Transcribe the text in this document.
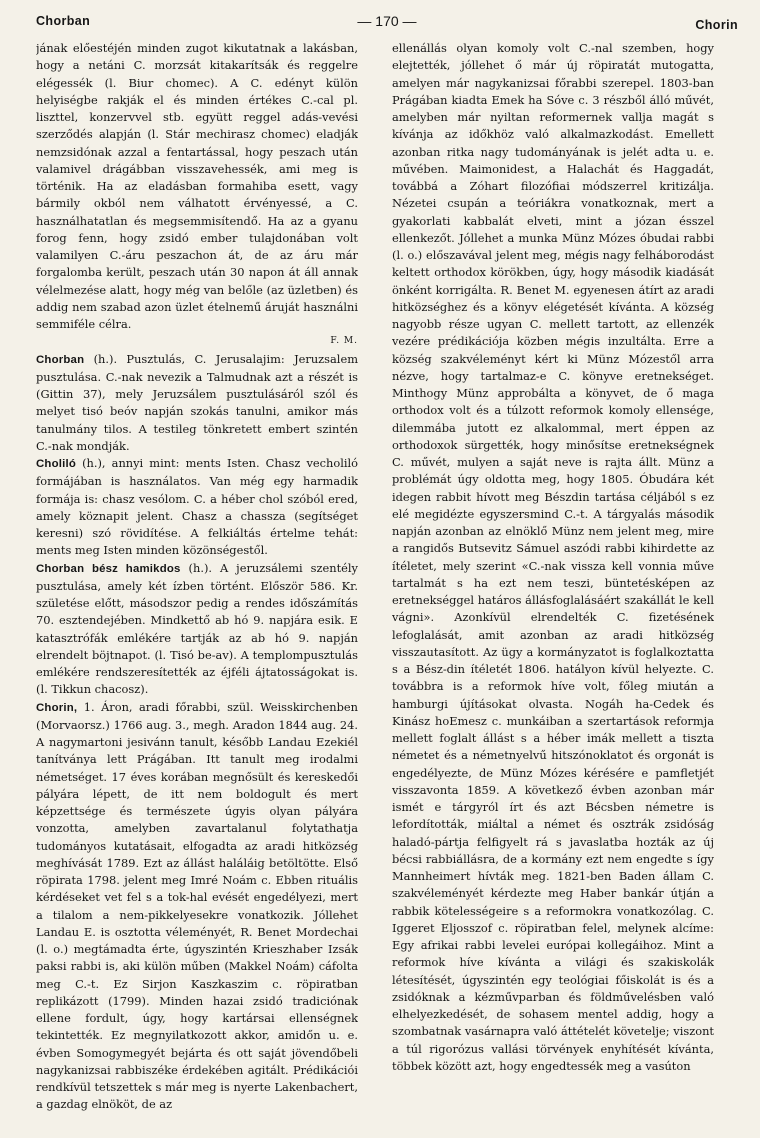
Chorban	— 170 —	Chorin

jának előestéjén minden zugot kikutatnak a lakásban, hogy a netáni C. morzsát kitakarítsák és reggelre elégessék (l. Biur chomec). A C. edényt külön helyiségbe rakják el és minden értékes C.-cal pl. liszttel, konzervvel stb. együtt reggel adás-vevési szerződés alapján (l. Stár mechirasz chomec) eladják nemzsidónak azzal a fentartással, hogy peszach után valamivel drágábban visszavehessék, ami meg is történik. Ha az eladásban formahiba esett, vagy bármily okból nem válhatott érvényessé, a C. használhatatlan és megsemmisítendő. Ha az a gyanu forog fenn, hogy zsidó ember tulajdonában volt valamilyen C.-áru peszachon át, de az áru már forgalomba került, peszach után 30 napon át áll annak vélelmezése alatt, hogy még van belőle (az üzletben) és addig nem szabad azon üzlet ételnemű áruját használni semmiféle célra.

F. M.

Chorban (h.). Pusztulás, C. Jerusalajim: Jeruzsalem pusztulása. C.-nak nevezik a Talmudnak azt a részét is (Gittin 37), mely Jeruzsálem pusztulásáról szól és melyet tisó beóv napján szokás tanulni, amikor más tanulmány tilos. A testileg tönkretett embert szintén C.-nak mondják.

Choliló (h.), annyi mint: ments Isten. Chasz vecholiló formájában is használatos. Van még egy harmadik formája is: chasz vesólom. C. a héber chol szóból ered, amely köznapit jelent. Chasz a chassza (segítséget keresni) szó rövidítése. A felkiáltás értelme tehát: ments meg Isten minden közönségestől.

Chorban bész hamikdos (h.). A jeruzsálemi szentély pusztulása, amely két ízben történt. Először 586. Kr. születése előtt, másodszor pedig a rendes időszámítás 70. esztendejében. Mindkettő ab hó 9. napjára esik. E katasztrófák emlékére tartják az ab hó 9. napján elrendelt böjtnapot. (l. Tisó be-av). A templompusztulás emlékére rendszeresítették az éjféli ájtatosságokat is. (l. Tikkun chacosz).

Chorin, 1. Áron, aradi főrabbi, szül. Weisskirchenben (Morvaorsz.) 1766 aug. 3., megh. Aradon 1844 aug. 24. A nagymartoni jesivánn tanult, később Landau Ezekiél tanítványa lett Prágában. Itt tanult meg irodalmi németséget. 17 éves korában megnősült és kereskedői pályára lépett, de itt nem boldogult és mert képzettsége és természete úgyis olyan pályára vonzotta, amelyben zavartalanul folytathatja tudományos kutatásait, elfogadta az aradi hitközség meghívását 1789. Ezt az állást haláláig betöltötte. Első röpirata 1798. jelent meg Imré Noám c. Ebben rituális kérdéseket vet fel s a tok-hal evését engedélyezi, mert a tilalom a nem-pikkelyesekre vonatkozik. Jóllehet Landau E. is osztotta véleményét, R. Benet Mordechai (l. o.) megtámadta érte, úgyszintén Krieszhaber Izsák paksi rabbi is, aki külön műben (Makkel Noám) cáfolta meg C.-t. Ez Sirjon Kaszkaszim c. röpiratban replikázott (1799). Minden hazai zsidó tradiciónak ellene fordult, úgy, hogy kartársai ellenségnek tekintették. Ez megnyilatkozott akkor, amidőn u. e. évben Somogymegyét bejárta és ott saját jövendőbeli nagykanizsai rabbiszéke érdekében agitált. Prédikációi rendkívül tetszettek s már meg is nyerte Lakenbachert, a gazdag elnököt, de az

ellenállás olyan komoly volt C.-nal szemben, hogy elejtették, jóllehet ő már új röpiratát mutogatta, amelyen már nagykanizsai főrabbi szerepel. 1803-ban Prágában kiadta Emek ha Sóve c. 3 részből álló művét, amelyben már nyiltan reformernek vallja magát s kívánja az időkhöz való alkalmazkodást. Emellett azonban ritka nagy tudományának is jelét adta u. e. művében. Maimonidest, a Halachát és Haggadát, továbbá a Zóhart filozófiai módszerrel kritizálja. Nézetei csupán a teóriákra vonatkoznak, mert a gyakorlati kabbalát elveti, mint a józan ésszel ellenkezőt. Jóllehet a munka Münz Mózes óbudai rabbi (l. o.) előszavával jelent meg, mégis nagy felháborodást keltett orthodox körökben, úgy, hogy második kiadását önként korrigálta. R. Benet M. egyenesen átírt az aradi hitközséghez és a könyv elégetését kívánta. A község nagyobb része ugyan C. mellett tartott, az ellenzék vezére prédikációja közben mégis inzultálta. Erre a község szakvéleményt kért ki Münz Mózestől arra nézve, hogy tartalmaz-e C. könyve eretnekséget. Minthogy Münz approbálta a könyvet, de ő maga orthodox volt és a túlzott reformok komoly ellensége, dilemmába jutott ez alkalommal, mert éppen az orthodoxok sürgették, hogy minősítse eretnekségnek C. művét, mulyen a saját neve is rajta állt. Münz a problémát úgy oldotta meg, hogy 1805. Óbudára két idegen rabbit hívott meg Bészdin tartása céljából s ez elé megidézte egyszersmind C.-t. A tárgyalás második napján azonban az elnöklő Münz nem jelent meg, mire a rangidős Butsevitz Sámuel aszódi rabbi kihirdette az ítéletet, mely szerint «C.-nak vissza kell vonnia műve tartalmát s ha ezt nem teszi, büntetésképen az eretnekséggel határos állásfoglalásáért szakállát le kell vágni». Azonkívül elrendelték C. fizetésének lefoglalását, amit azonban az aradi hitközség visszautasított. Az ügy a kormányzatot is foglalkoztatta s a Bész-din ítéletét 1806. hatályon kívül helyezte. C. továbbra is a reformok híve volt, főleg miután a hamburgi újításokat olvasta. Nogáh ha-Cedek és Kinász hoEmesz c. munkáiban a szertartások reformja mellett foglalt állást s a héber imák mellett a tiszta németet és a németnyelvű hitszónoklatot és orgonát is engedélyezte, de Münz Mózes kérésére e pamfletjét visszavonta 1859. A következő évben azonban már ismét e tárgyról írt és azt Bécsben németre is lefordították, miáltal a német és osztrák zsidóság haladó-pártja felfigyelt rá s javaslatba hozták az új bécsi rabbiállásra, de a kormány ezt nem engedte s így Mannheimert hívták meg. 1821-ben Baden állam C. szakvéleményét kérdezte meg Haber bankár útján a rabbik kötelességeire s a reformokra vonatkozólag. C. Iggeret Eljosszof c. röpiratban felel, melynek alcíme: Egy afrikai rabbi levelei európai kollegáihoz. Mint a reformok híve kívánta a világi és szakiskolák létesítését, úgyszintén egy teológiai főiskolát is és a zsidóknak a kézművparban és földművelésben való elhelyezkedését, de sohasem mentel addig, hogy a szombatnak vasárnapra való áttételét követelje; viszont a túl rigorózus vallási törvények enyhítését kívánta, többek között azt, hogy engedtessék meg a vasúton
